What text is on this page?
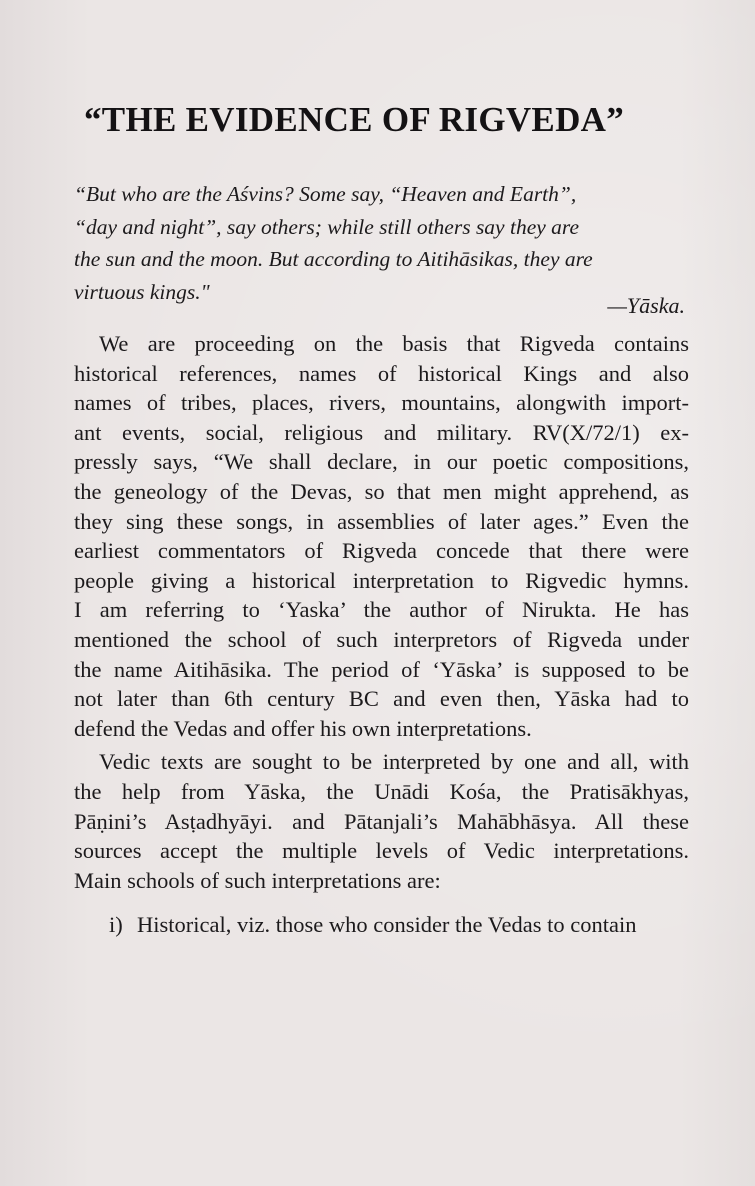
“THE EVIDENCE OF RIGVEDA”
“But who are the Aśvins? Some say, “Heaven and Earth”,
“day and night”, say others; while still others say they are
the sun and the moon. But according to Aitihāsikas, they are
virtuous kings."

—Yāska.

We are proceeding on the basis that Rigveda contains
historical references, names of historical Kings and also
names of tribes, places, rivers, mountains, alongwith import-
ant events, social, religious and military. RV(X/72/1) ex-
pressly says, “We shall declare, in our poetic compositions,
the geneology of the Devas, so that men might apprehend, as
they sing these songs, in assemblies of later ages.” Even the
earliest commentators of Rigveda concede that there were
people giving a historical interpretation to Rigvedic hymns.
I am referring to ‘Yaska’ the author of Nirukta. He has
mentioned the school of such interpretors of Rigveda under
the name Aitihāsika. The period of ‘Yāska’ is supposed to be
not later than 6th century BC and even then, Yāska had to
defend the Vedas and offer his own interpretations.

Vedic texts are sought to be interpreted by one and all, with
the help from Yāska, the Unādi Kośa, the Pratisākhyas,
Pāṇini’s Asṭadhyāyi. and Pātanjali’s Mahābhāsya. All these
sources accept the multiple levels of Vedic interpretations.
Main schools of such interpretations are:

i) Historical, viz. those who consider the Vedas to contain
